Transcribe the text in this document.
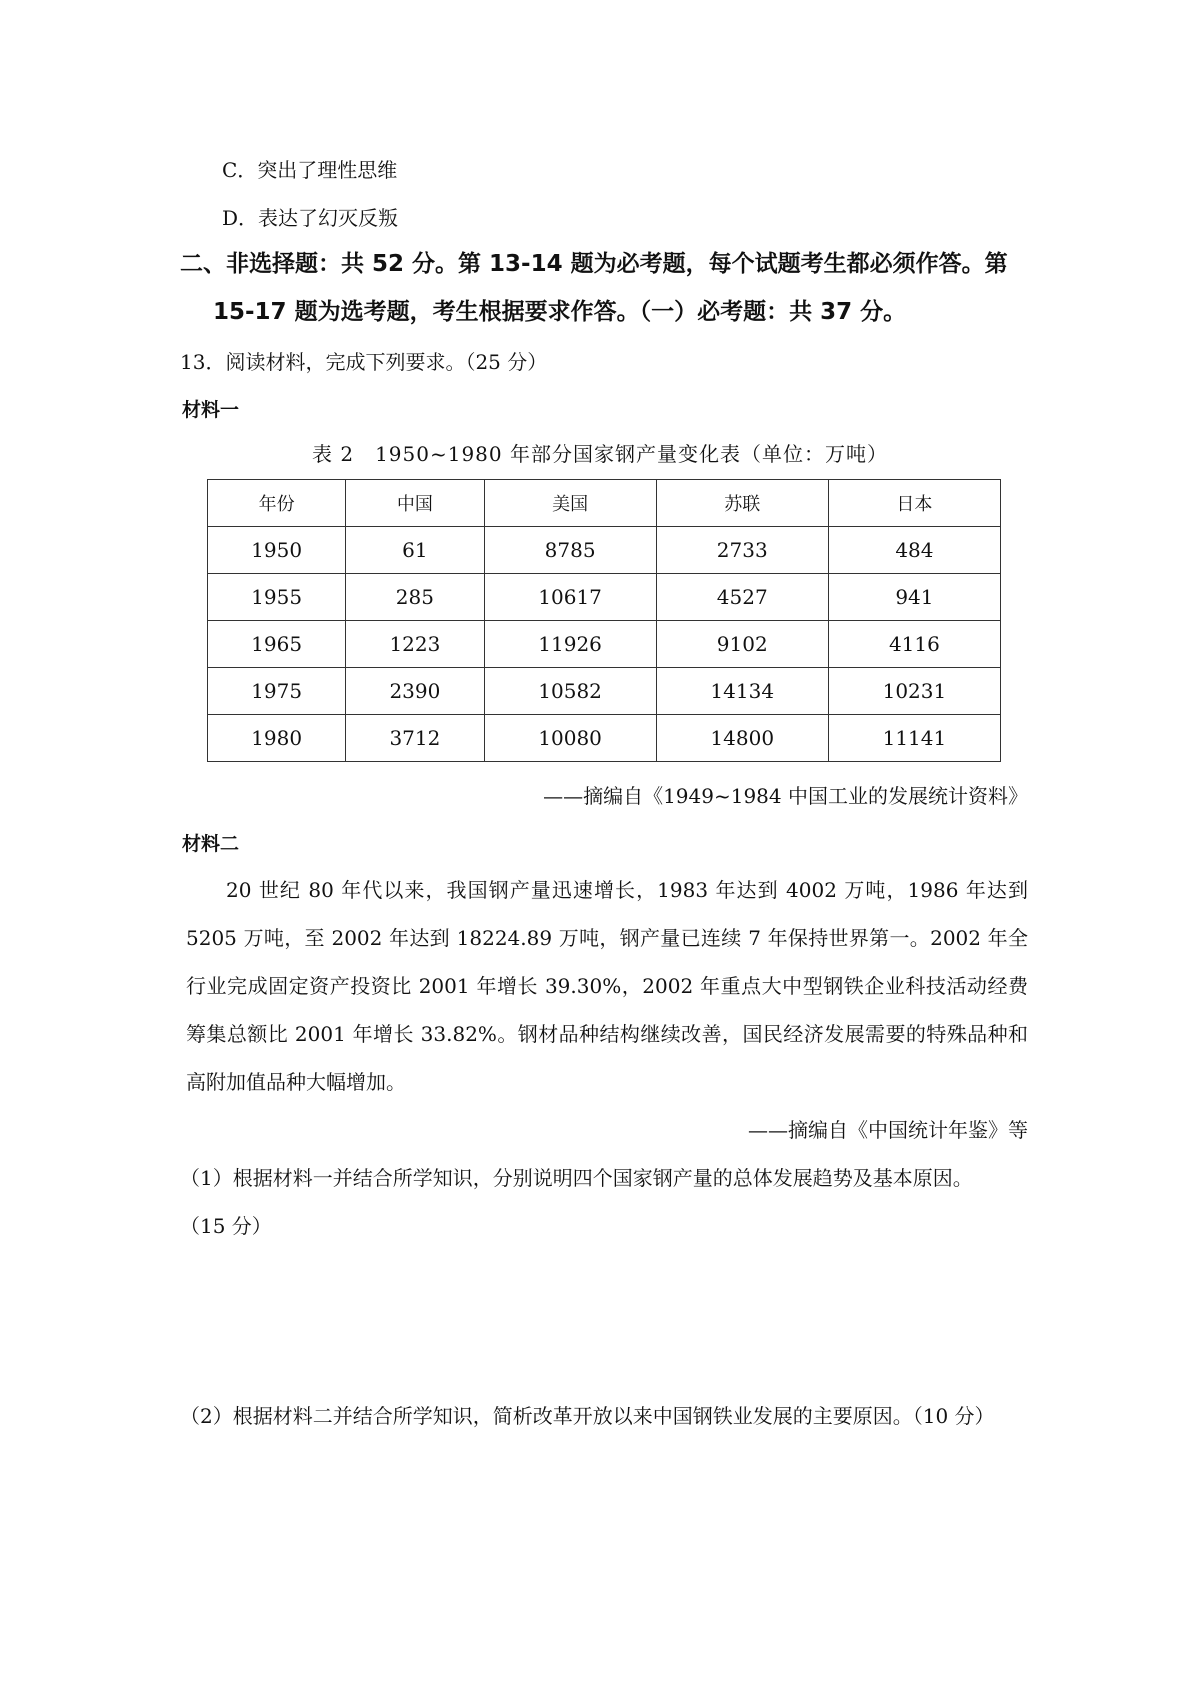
C．突出了理性思维
D．表达了幻灭反叛
二、非选择题：共 52 分。第 13-14 题为必考题，每个试题考生都必须作答。第
15-17 题为选考题，考生根据要求作答。（一）必考题：共 37 分。
13．阅读材料，完成下列要求。（25 分）
材料一
表 2　1950~1980 年部分国家钢产量变化表（单位：万吨）
年份	中国	美国	苏联	日本
1950	61	8785	2733	484
1955	285	10617	4527	941
1965	1223	11926	9102	4116
1975	2390	10582	14134	10231
1980	3712	10080	14800	11141
——摘编自《1949~1984 中国工业的发展统计资料》
材料二
20 世纪 80 年代以来，我国钢产量迅速增长，1983 年达到 4002 万吨，1986 年达到 5205 万吨，至 2002 年达到 18224.89 万吨，钢产量已连续 7 年保持世界第一。2002 年全行业完成固定资产投资比 2001 年增长 39.30%，2002 年重点大中型钢铁企业科技活动经费筹集总额比 2001 年增长 33.82%。钢材品种结构继续改善，国民经济发展需要的特殊品种和高附加值品种大幅增加。
——摘编自《中国统计年鉴》等
（1）根据材料一并结合所学知识，分别说明四个国家钢产量的总体发展趋势及基本原因。
（15 分）
（2）根据材料二并结合所学知识，简析改革开放以来中国钢铁业发展的主要原因。（10 分）
